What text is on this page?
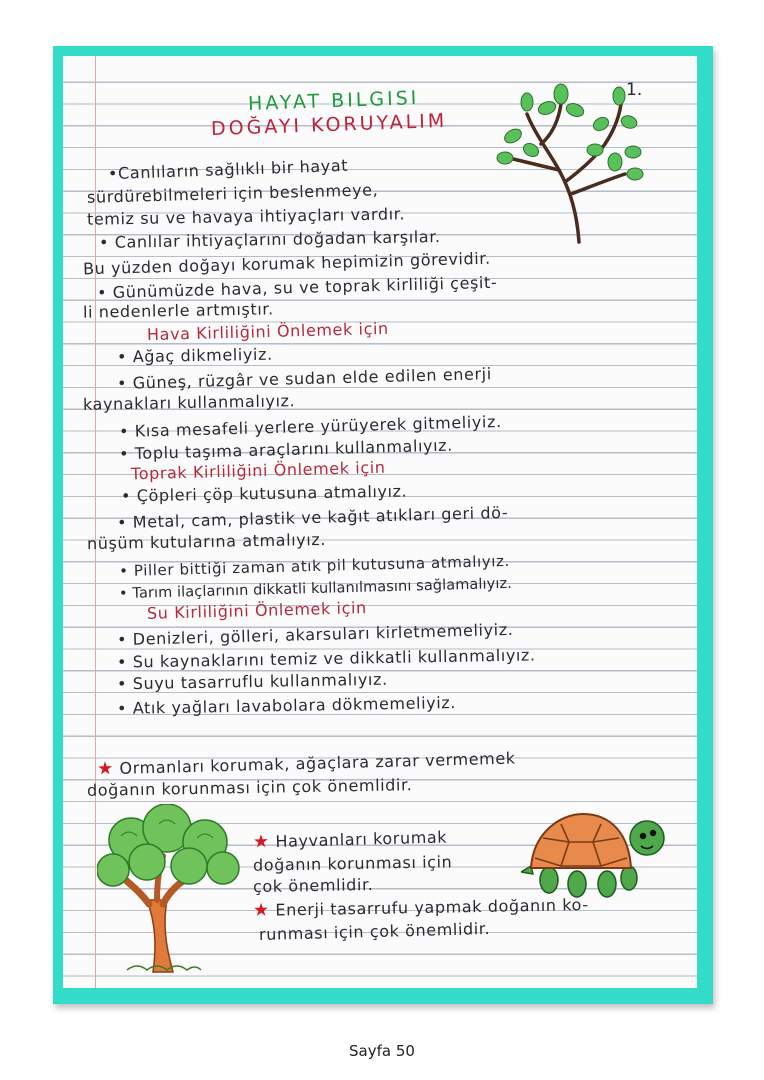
HAYAT BILGISI
DOĞAYI KORUYALIM
1.
•Canlıların sağlıklı bir hayat
sürdürebilmeleri için beslenmeye,
temiz su ve havaya ihtiyaçları vardır.
• Canlılar ihtiyaçlarını doğadan karşılar.
Bu yüzden doğayı korumak hepimizin görevidir.
• Günümüzde hava, su ve toprak kirliliği çeşit-
li nedenlerle artmıştır.
Hava Kirliliğini Önlemek için
• Ağaç dikmeliyiz.
• Güneş, rüzgâr ve sudan elde edilen enerji
kaynakları kullanmalıyız.
• Kısa mesafeli yerlere yürüyerek gitmeliyiz.
• Toplu taşıma araçlarını kullanmalıyız.
Toprak Kirliliğini Önlemek için
• Çöpleri çöp kutusuna atmalıyız.
• Metal, cam, plastik ve kağıt atıkları geri dö-
nüşüm kutularına atmalıyız.
• Piller bittiği zaman atık pil kutusuna atmalıyız.
• Tarım ilaçlarının dikkatli kullanılmasını sağlamalıyız.
Su Kirliliğini Önlemek için
• Denizleri, gölleri, akarsuları kirletmemeliyiz.
• Su kaynaklarını temiz ve dikkatli kullanmalıyız.
• Suyu tasarruflu kullanmalıyız.
• Atık yağları lavabolara dökmemeliyiz.
★ Ormanları korumak, ağaçlara zarar vermemek
doğanın korunması için çok önemlidir.
★ Hayvanları korumak
doğanın korunması için
çok önemlidir.
★ Enerji tasarrufu yapmak doğanın ko-
runması için çok önemlidir.
Sayfa 50
